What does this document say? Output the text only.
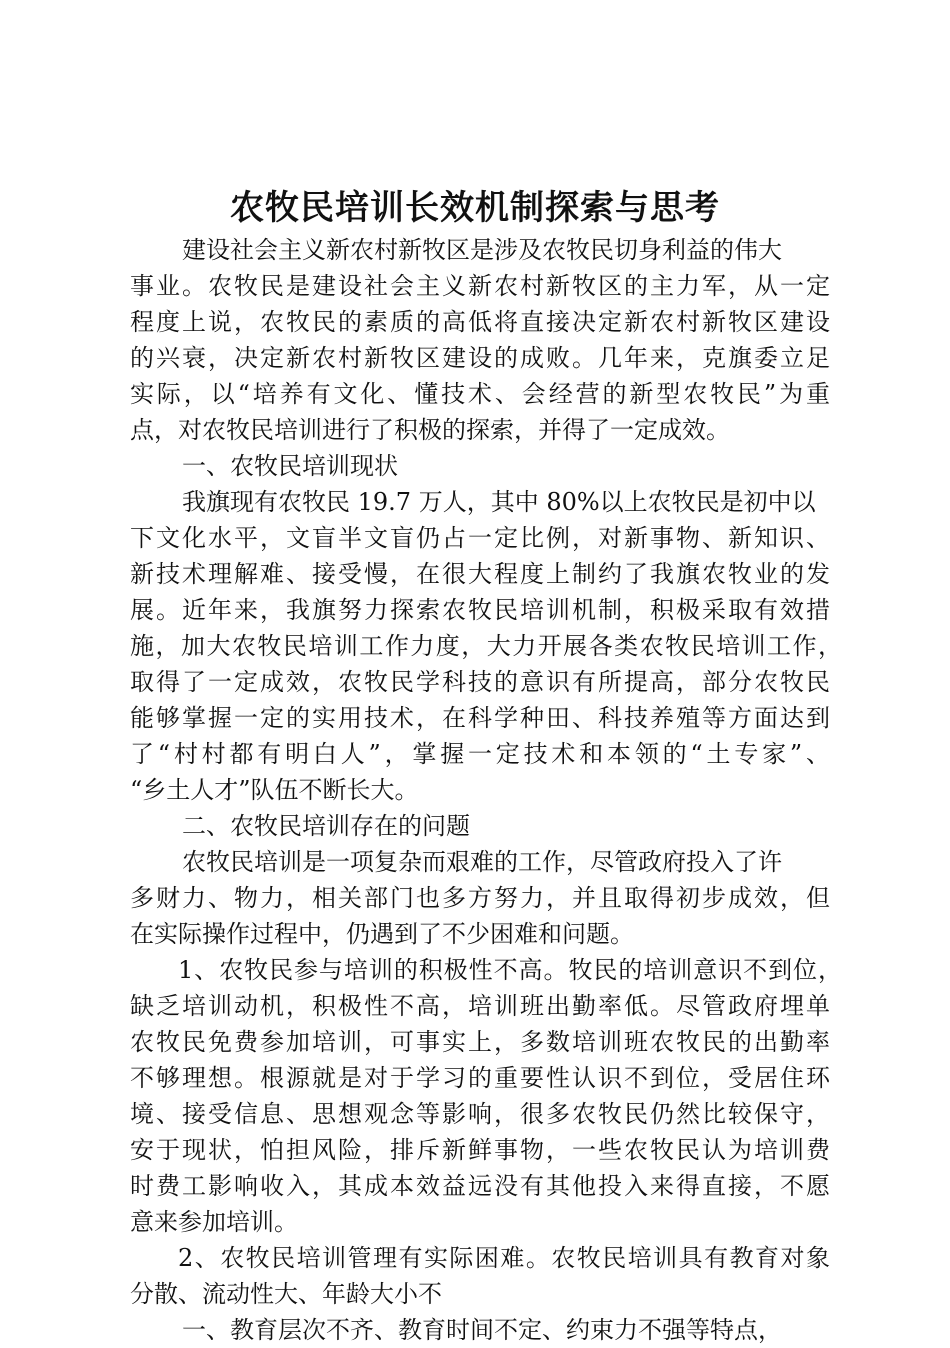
农牧民培训长效机制探索与思考

建设社会主义新农村新牧区是涉及农牧民切身利益的伟大

事业。农牧民是建设社会主义新农村新牧区的主力军，从一定

程度上说，农牧民的素质的高低将直接决定新农村新牧区建设

的兴衰，决定新农村新牧区建设的成败。几年来，克旗委立足

实际，以“培养有文化、懂技术、会经营的新型农牧民”为重

点，对农牧民培训进行了积极的探索，并得了一定成效。

一、农牧民培训现状

我旗现有农牧民 19.7 万人，其中 80%以上农牧民是初中以

下文化水平，文盲半文盲仍占一定比例，对新事物、新知识、

新技术理解难、接受慢，在很大程度上制约了我旗农牧业的发

展。近年来，我旗努力探索农牧民培训机制，积极采取有效措

施，加大农牧民培训工作力度，大力开展各类农牧民培训工作，

取得了一定成效，农牧民学科技的意识有所提高，部分农牧民

能够掌握一定的实用技术，在科学种田、科技养殖等方面达到

了“村村都有明白人”，掌握一定技术和本领的“土专家”、

“乡土人才”队伍不断长大。

二、农牧民培训存在的问题

农牧民培训是一项复杂而艰难的工作，尽管政府投入了许

多财力、物力，相关部门也多方努力，并且取得初步成效，但

在实际操作过程中，仍遇到了不少困难和问题。

1、农牧民参与培训的积极性不高。牧民的培训意识不到位，

缺乏培训动机，积极性不高，培训班出勤率低。尽管政府埋单

农牧民免费参加培训，可事实上，多数培训班农牧民的出勤率

不够理想。根源就是对于学习的重要性认识不到位，受居住环

境、接受信息、思想观念等影响，很多农牧民仍然比较保守，

安于现状，怕担风险，排斥新鲜事物，一些农牧民认为培训费

时费工影响收入，其成本效益远没有其他投入来得直接，不愿

意来参加培训。

2、农牧民培训管理有实际困难。农牧民培训具有教育对象

分散、流动性大、年龄大小不

一、教育层次不齐、教育时间不定、约束力不强等特点，
